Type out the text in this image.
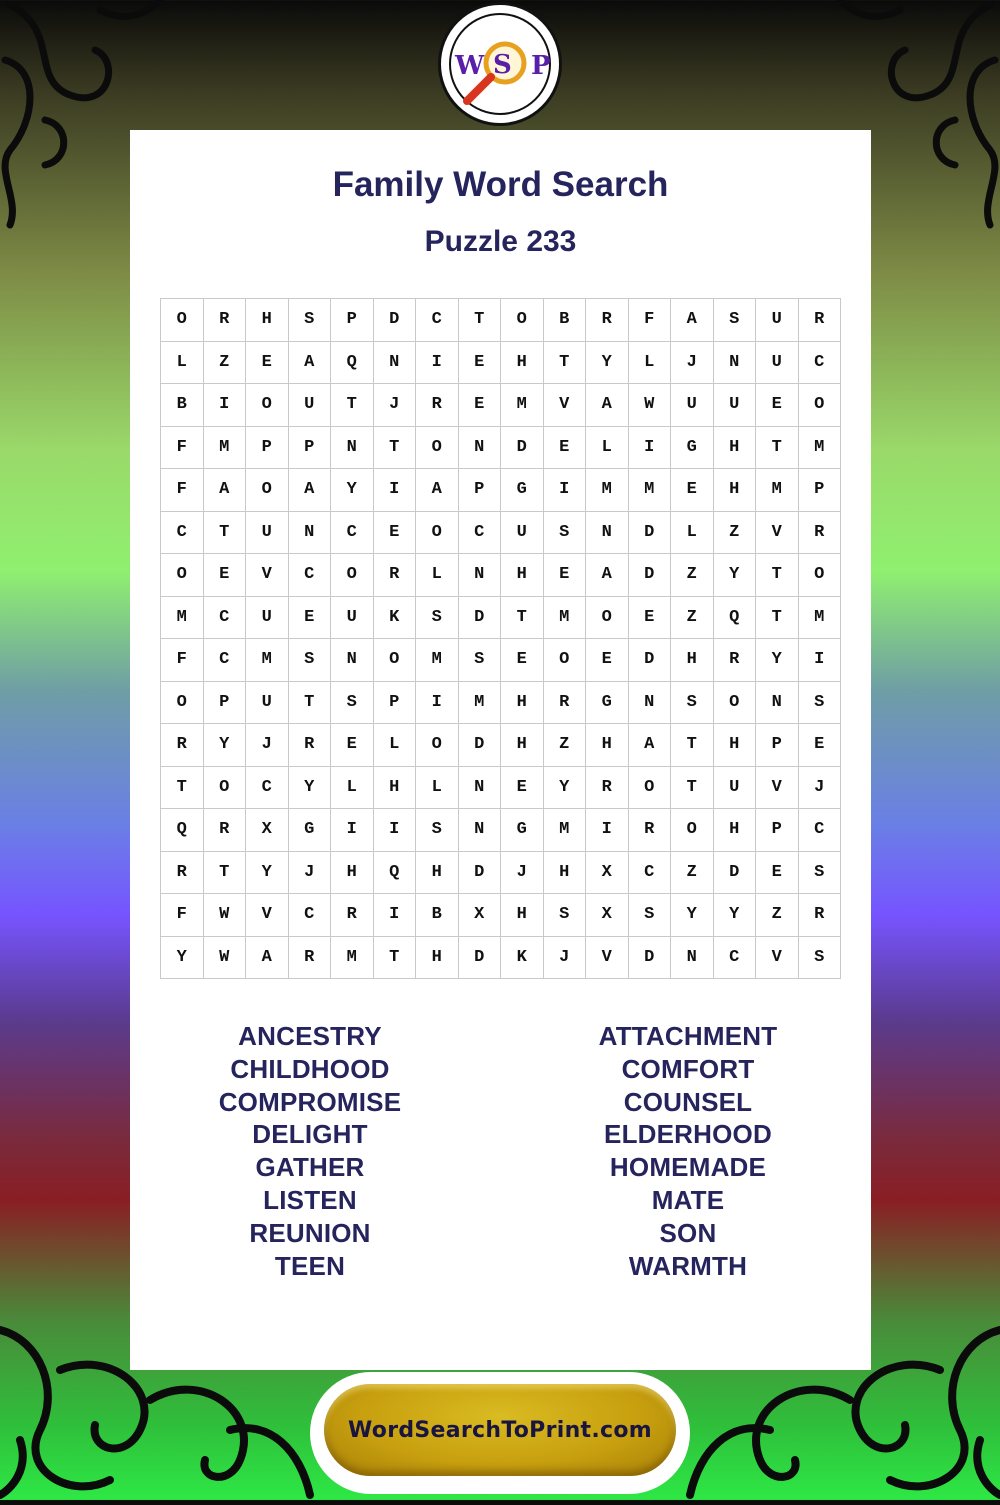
W S P
Family Word Search
Puzzle 233
O	R	H	S	P	D	C	T	O	B	R	F	A	S	U	R
L	Z	E	A	Q	N	I	E	H	T	Y	L	J	N	U	C
B	I	O	U	T	J	R	E	M	V	A	W	U	U	E	O
F	M	P	P	N	T	O	N	D	E	L	I	G	H	T	M
F	A	O	A	Y	I	A	P	G	I	M	M	E	H	M	P
C	T	U	N	C	E	O	C	U	S	N	D	L	Z	V	R
O	E	V	C	O	R	L	N	H	E	A	D	Z	Y	T	O
M	C	U	E	U	K	S	D	T	M	O	E	Z	Q	T	M
F	C	M	S	N	O	M	S	E	O	E	D	H	R	Y	I
O	P	U	T	S	P	I	M	H	R	G	N	S	O	N	S
R	Y	J	R	E	L	O	D	H	Z	H	A	T	H	P	E
T	O	C	Y	L	H	L	N	E	Y	R	O	T	U	V	J
Q	R	X	G	I	I	S	N	G	M	I	R	O	H	P	C
R	T	Y	J	H	Q	H	D	J	H	X	C	Z	D	E	S
F	W	V	C	R	I	B	X	H	S	X	S	Y	Y	Z	R
Y	W	A	R	M	T	H	D	K	J	V	D	N	C	V	S
ANCESTRY
CHILDHOOD
COMPROMISE
DELIGHT
GATHER
LISTEN
REUNION
TEEN
ATTACHMENT
COMFORT
COUNSEL
ELDERHOOD
HOMEMADE
MATE
SON
WARMTH
WordSearchToPrint.com
